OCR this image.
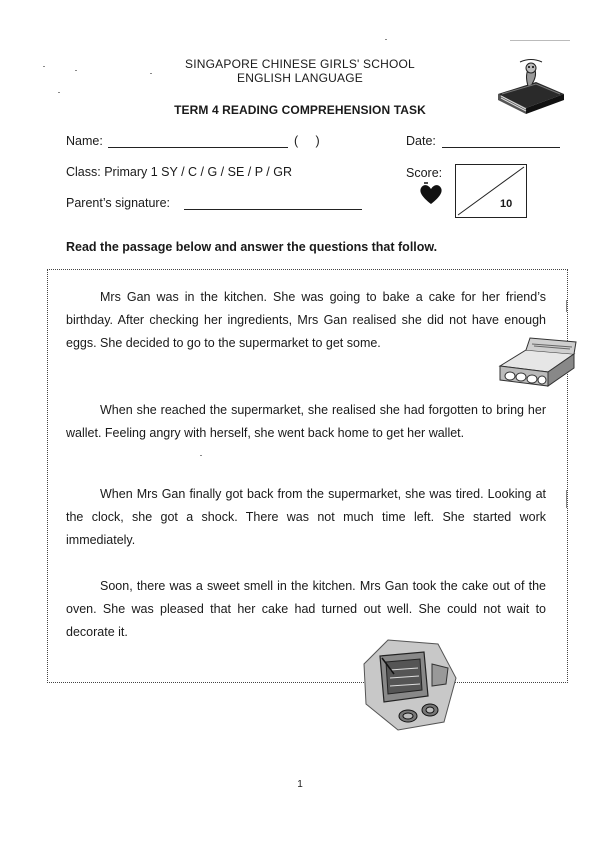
SINGAPORE CHINESE GIRLS' SCHOOL
ENGLISH LANGUAGE
TERM 4 READING COMPREHENSION TASK
Name:	(     )	Date:
Class: Primary 1 SY / C / G / SE / P / GR	Score:
10
Parent’s signature:
Read the passage below and answer the questions that follow.
Mrs Gan was in the kitchen. She was going to bake a cake for her friend’s birthday. After checking her ingredients, Mrs Gan realised she did not have enough eggs. She decided to go to the supermarket to get some.
When she reached the supermarket, she realised she had forgotten to bring her wallet. Feeling angry with herself, she went back home to get her wallet.
When Mrs Gan finally got back from the supermarket, she was tired. Looking at the clock, she got a shock. There was not much time left. She started work immediately.
Soon, there was a sweet smell in the kitchen. Mrs Gan took the cake out of the oven. She was pleased that her cake had turned out well. She could not wait to decorate it.
1
